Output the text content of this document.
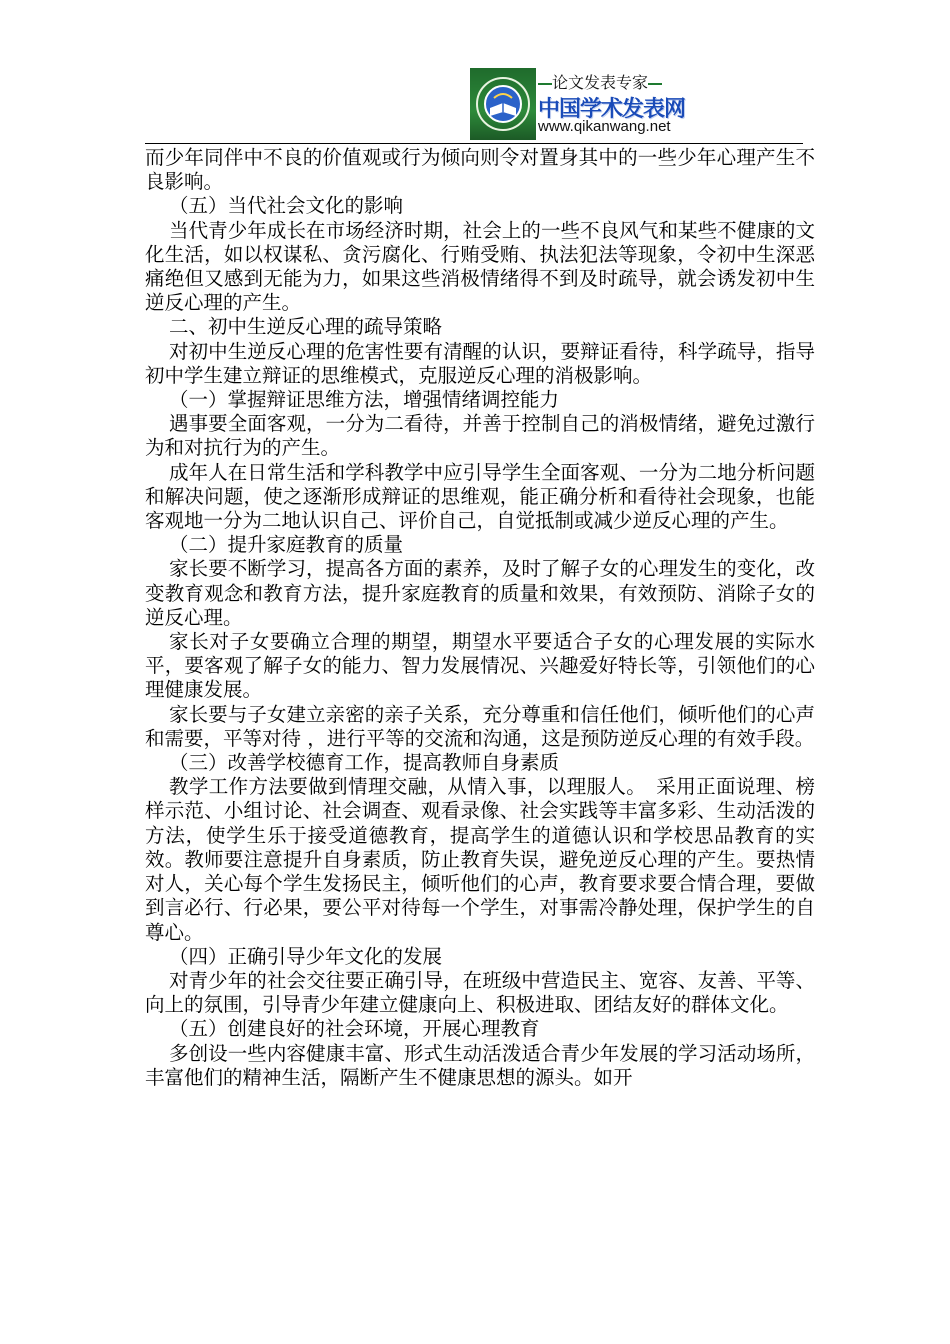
论文发表专家
中国学术发表网
www.qikanwang.net

而少年同伴中不良的价值观或行为倾向则令对置身其中的一些少年心理产生不良影响。

（五）当代社会文化的影响

当代青少年成长在市场经济时期，社会上的一些不良风气和某些不健康的文化生活，如以权谋私、贪污腐化、行贿受贿、执法犯法等现象，令初中生深恶痛绝但又感到无能为力，如果这些消极情绪得不到及时疏导，就会诱发初中生逆反心理的产生。

二、初中生逆反心理的疏导策略

对初中生逆反心理的危害性要有清醒的认识，要辩证看待，科学疏导，指导初中学生建立辩证的思维模式，克服逆反心理的消极影响。

（一）掌握辩证思维方法，增强情绪调控能力

遇事要全面客观，一分为二看待，并善于控制自己的消极情绪，避免过激行为和对抗行为的产生。

成年人在日常生活和学科教学中应引导学生全面客观、一分为二地分析问题和解决问题，使之逐渐形成辩证的思维观，能正确分析和看待社会现象，也能客观地一分为二地认识自己、评价自己，自觉抵制或减少逆反心理的产生。

（二）提升家庭教育的质量

家长要不断学习，提高各方面的素养，及时了解子女的心理发生的变化，改变教育观念和教育方法，提升家庭教育的质量和效果，有效预防、消除子女的逆反心理。

家长对子女要确立合理的期望，期望水平要适合子女的心理发展的实际水平，要客观了解子女的能力、智力发展情况、兴趣爱好特长等，引领他们的心理健康发展。

家长要与子女建立亲密的亲子关系，充分尊重和信任他们，倾听他们的心声和需要，平等对待 ，进行平等的交流和沟通，这是预防逆反心理的有效手段。

（三）改善学校德育工作，提高教师自身素质

教学工作方法要做到情理交融，从情入事，以理服人。　采用正面说理、榜样示范、小组讨论、社会调查、观看录像、社会实践等丰富多彩、生动活泼的方法，使学生乐于接受道德教育，提高学生的道德认识和学校思品教育的实效。教师要注意提升自身素质，防止教育失误，避免逆反心理的产生。要热情对人，关心每个学生发扬民主，倾听他们的心声，教育要求要合情合理，要做到言必行、行必果，要公平对待每一个学生，对事需冷静处理，保护学生的自尊心。

（四）正确引导少年文化的发展

对青少年的社会交往要正确引导，在班级中营造民主、宽容、友善、平等、向上的氛围，引导青少年建立健康向上、积极进取、团结友好的群体文化。

（五）创建良好的社会环境，开展心理教育

多创设一些内容健康丰富、形式生动活泼适合青少年发展的学习活动场所，丰富他们的精神生活，隔断产生不健康思想的源头。如开
